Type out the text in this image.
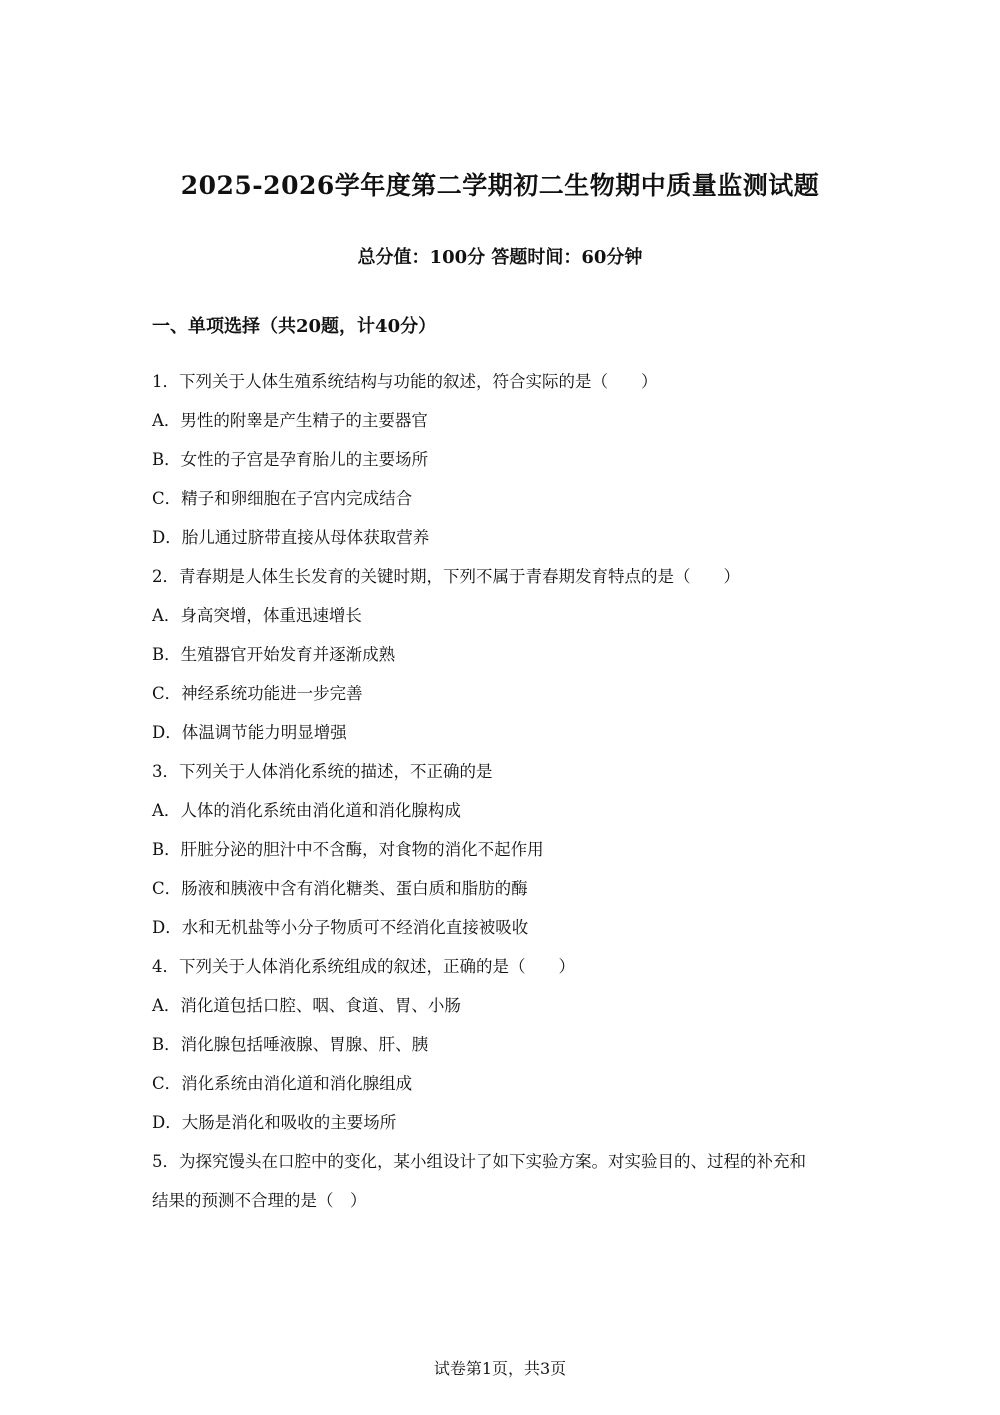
2025-2026学年度第二学期初二生物期中质量监测试题
总分值：100分 答题时间：60分钟
一、单项选择（共20题，计40分）
1．下列关于人体生殖系统结构与功能的叙述，符合实际的是（　　）
A．男性的附睾是产生精子的主要器官
B．女性的子宫是孕育胎儿的主要场所
C．精子和卵细胞在子宫内完成结合
D．胎儿通过脐带直接从母体获取营养
2．青春期是人体生长发育的关键时期，下列不属于青春期发育特点的是（　　）
A．身高突增，体重迅速增长
B．生殖器官开始发育并逐渐成熟
C．神经系统功能进一步完善
D．体温调节能力明显增强
3．下列关于人体消化系统的描述，不正确的是
A．人体的消化系统由消化道和消化腺构成
B．肝脏分泌的胆汁中不含酶，对食物的消化不起作用
C．肠液和胰液中含有消化糖类、蛋白质和脂肪的酶
D．水和无机盐等小分子物质可不经消化直接被吸收
4．下列关于人体消化系统组成的叙述，正确的是（　　）
A．消化道包括口腔、咽、食道、胃、小肠
B．消化腺包括唾液腺、胃腺、肝、胰
C．消化系统由消化道和消化腺组成
D．大肠是消化和吸收的主要场所
5．为探究馒头在口腔中的变化，某小组设计了如下实验方案。对实验目的、过程的补充和
结果的预测不合理的是（　）
试卷第1页，共3页
